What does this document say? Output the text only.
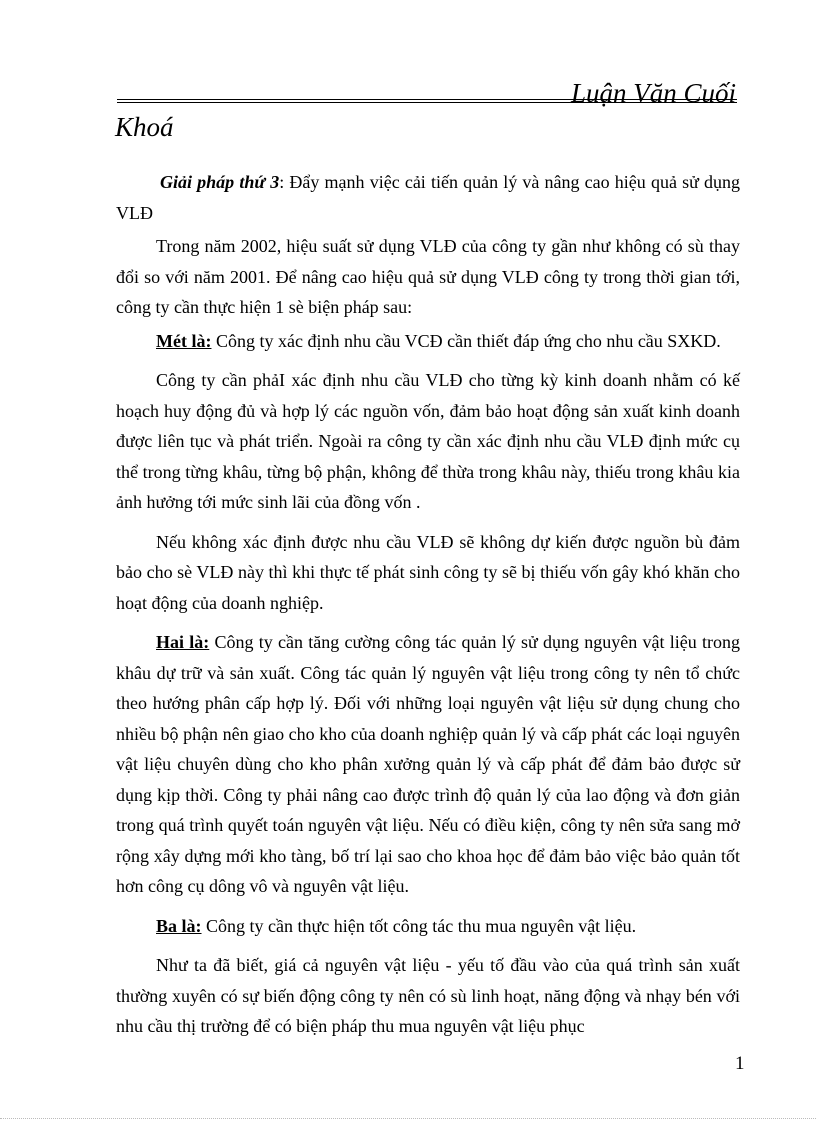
Luận Văn Cuối
Khoá

Giải pháp thứ 3: Đẩy mạnh việc cải tiến quản lý và nâng cao hiệu quả sử dụng VLĐ

Trong năm 2002, hiệu suất sử dụng VLĐ của công ty gần như không có sù thay đổi so với năm 2001. Để nâng cao hiệu quả sử dụng VLĐ công ty trong thời gian tới, công ty cần thực hiện 1 sè biện pháp sau:

Mét là: Công ty xác định nhu cầu VCĐ cần thiết đáp ứng cho nhu cầu SXKD.

Công ty cần phảI xác định nhu cầu VLĐ cho từng kỳ kinh doanh nhằm có kế hoạch huy động đủ và hợp lý các nguồn vốn, đảm bảo hoạt động sản xuất kinh doanh được liên tục và phát triển. Ngoài ra công ty cần xác định nhu cầu VLĐ định mức cụ thể trong từng khâu, từng bộ phận, không để thừa trong khâu này, thiếu trong khâu kia ảnh hưởng tới mức sinh lãi của đồng vốn .

Nếu không xác định được nhu cầu VLĐ sẽ không dự kiến được nguồn bù đảm bảo cho sè VLĐ này thì khi thực tế phát sinh công ty sẽ bị thiếu vốn gây khó khăn cho hoạt động của doanh nghiệp.

Hai là: Công ty cần tăng cường công tác quản lý sử dụng nguyên vật liệu trong khâu dự trữ và sản xuất. Công tác quản lý nguyên vật liệu trong công ty nên tổ chức theo hướng phân cấp hợp lý. Đối với những loại nguyên vật liệu sử dụng chung cho nhiều bộ phận nên giao cho kho của doanh nghiệp quản lý và cấp phát các loại nguyên vật liệu chuyên dùng cho kho phân xưởng quản lý và cấp phát để đảm bảo được sử dụng kịp thời. Công ty phải nâng cao được trình độ quản lý của lao động và đơn giản trong quá trình quyết toán nguyên vật liệu. Nếu có điều kiện, công ty nên sửa sang mở rộng xây dựng mới kho tàng, bố trí lại sao cho khoa học để đảm bảo việc bảo quản tốt hơn công cụ dông vô và nguyên vật liệu.

Ba là: Công ty cần thực hiện tốt công tác thu mua nguyên vật liệu.

Như ta đã biết, giá cả nguyên vật liệu - yếu tố đầu vào của quá trình sản xuất thường xuyên có sự biến động công ty nên có sù linh hoạt, năng động và nhạy bén với nhu cầu thị trường để có biện pháp thu mua nguyên vật liệu phục

1
